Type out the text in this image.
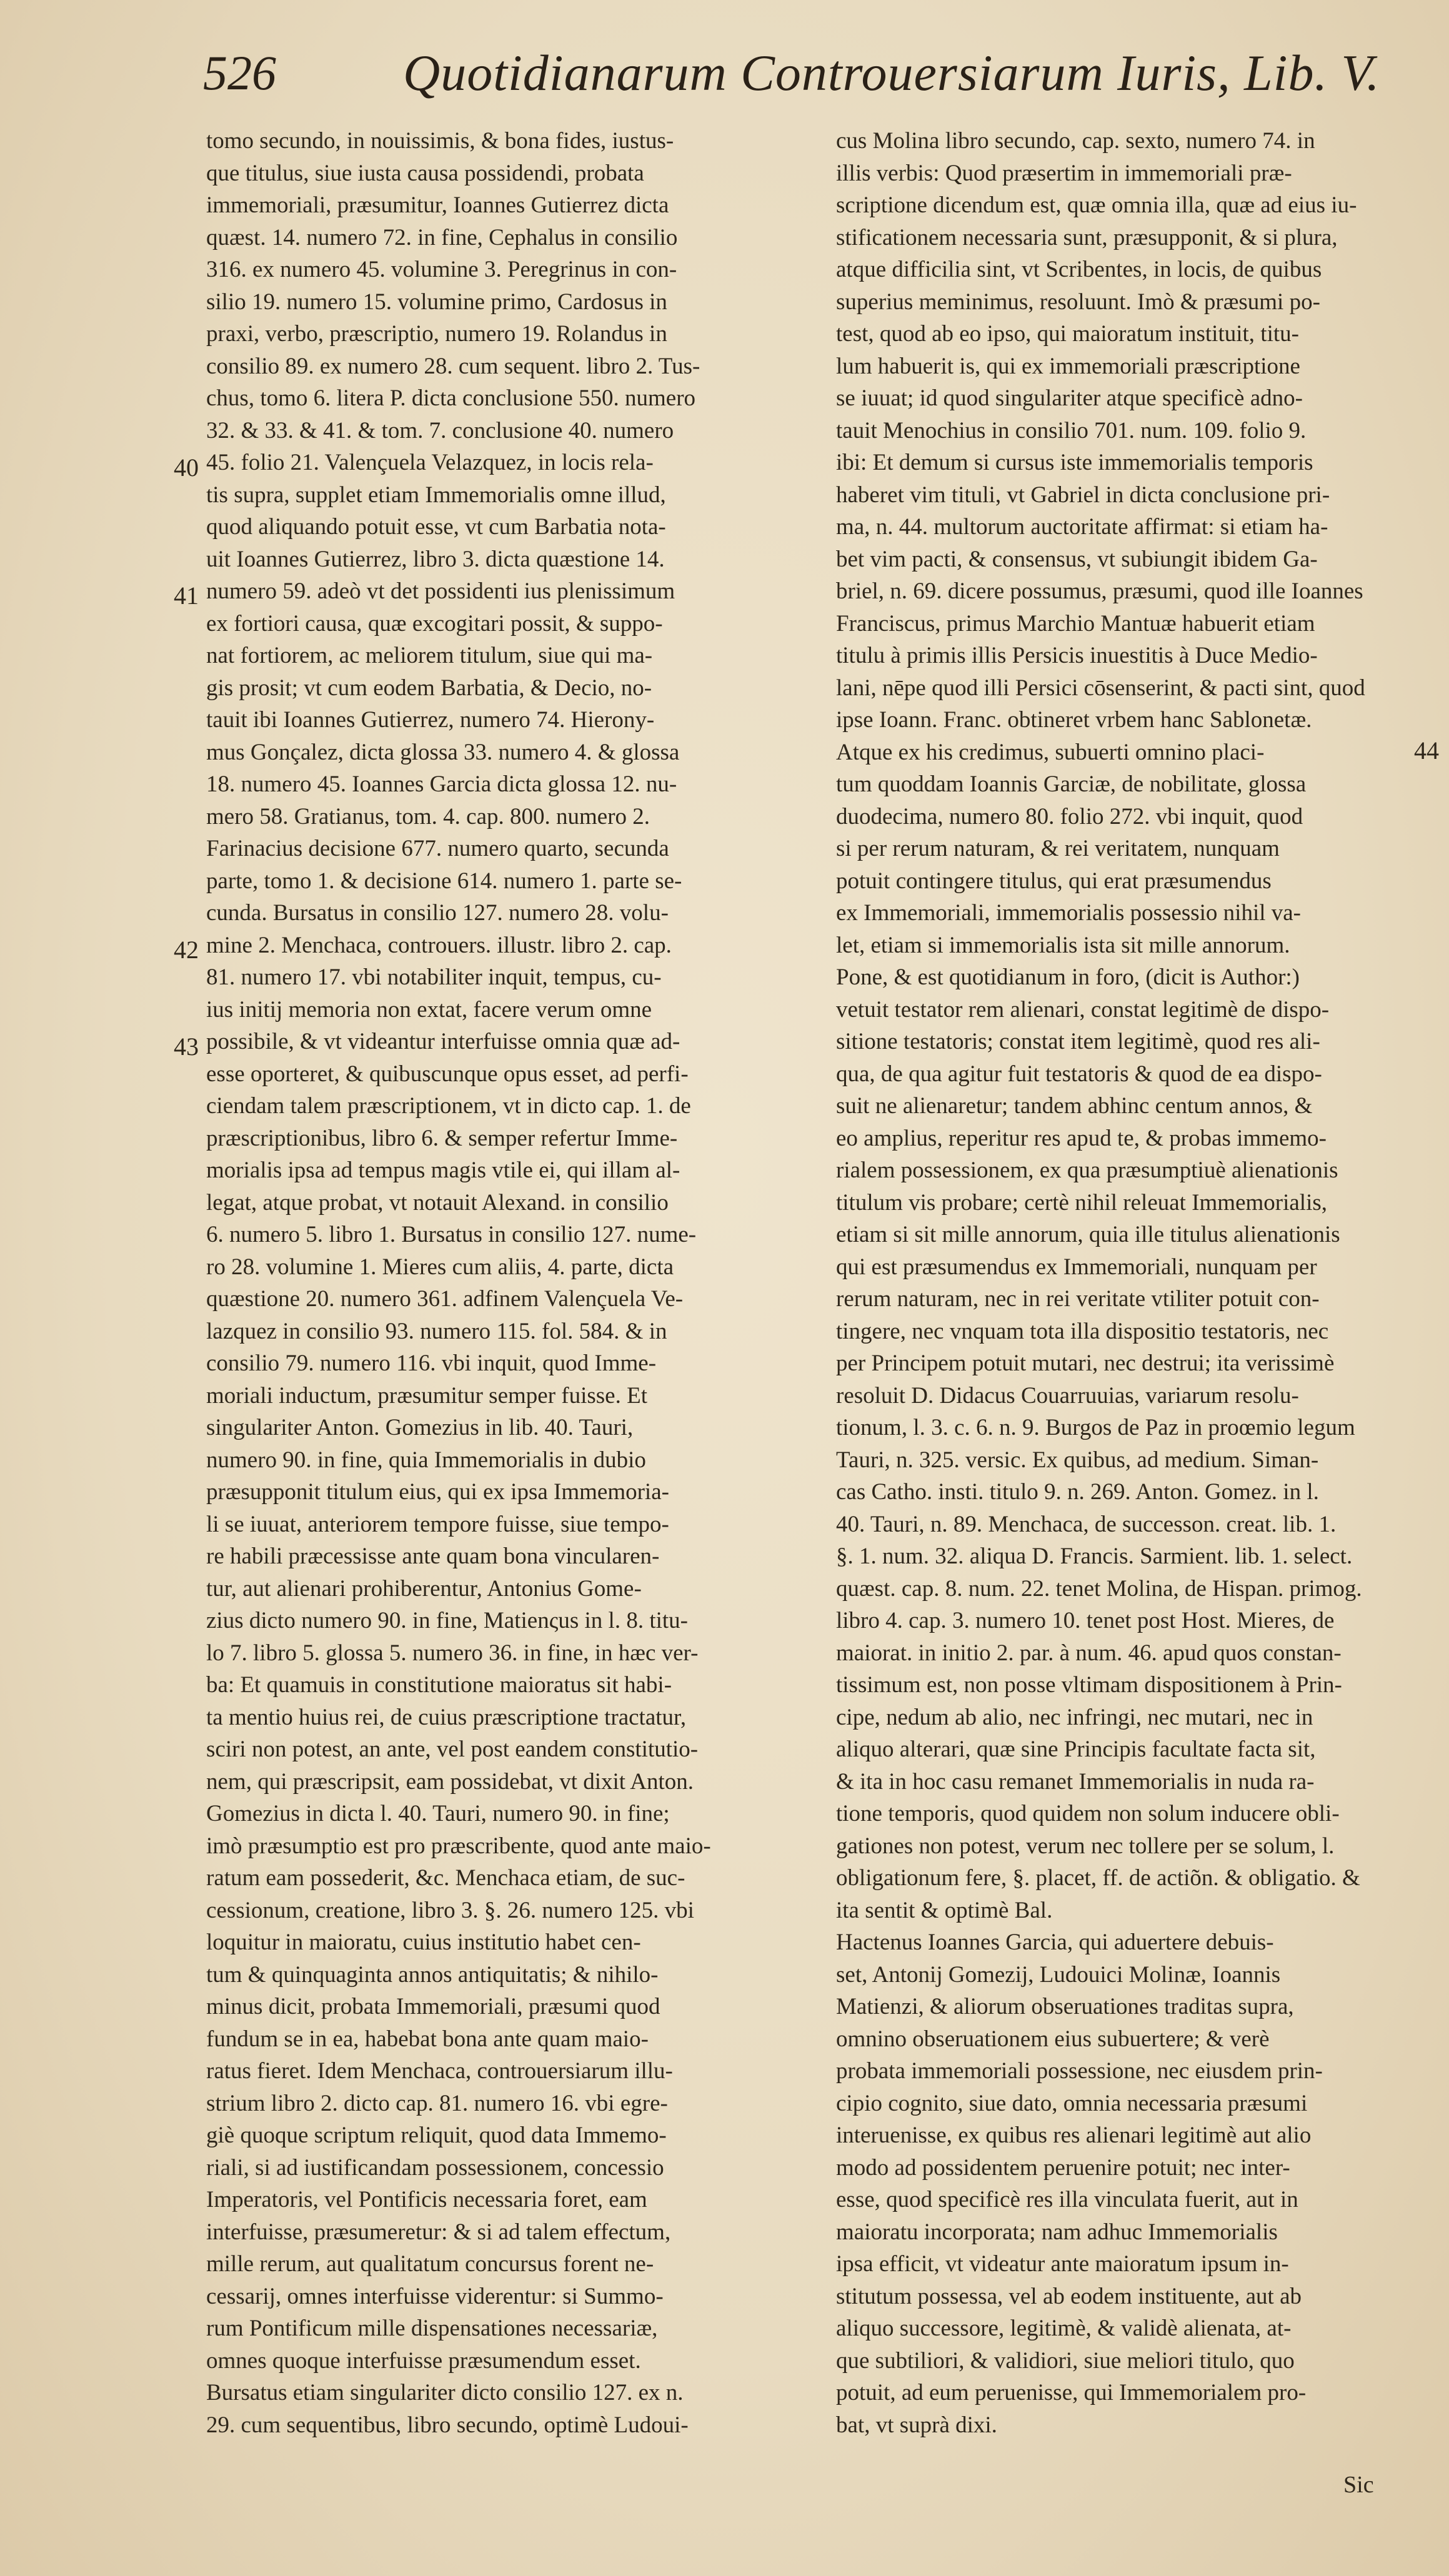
526 Quotidianarum Controuersiarum Iuris, Lib. V.
tomo secundo, in nouissimis, & bona fides, iustus-
que titulus, siue iusta causa possidendi, probata
immemoriali, præsumitur, Ioannes Gutierrez dicta
quæst. 14. numero 72. in fine, Cephalus in consilio
316. ex numero 45. volumine 3. Peregrinus in con-
silio 19. numero 15. volumine primo, Cardosus in
praxi, verbo, præscriptio, numero 19. Rolandus in
consilio 89. ex numero 28. cum sequent. libro 2. Tus-
chus, tomo 6. litera P. dicta conclusione 550. numero
32. & 33. & 41. & tom. 7. conclusione 40. numero
45. folio 21. Valençuela Velazquez, in locis rela-
tis supra, supplet etiam Immemorialis omne illud,
quod aliquando potuit esse, vt cum Barbatia nota-
uit Ioannes Gutierrez, libro 3. dicta quæstione 14.
numero 59. adeò vt det possidenti ius plenissimum
ex fortiori causa, quæ excogitari possit, & suppo-
nat fortiorem, ac meliorem titulum, siue qui ma-
gis prosit; vt cum eodem Barbatia, & Decio, no-
tauit ibi Ioannes Gutierrez, numero 74. Hierony-
mus Gonçalez, dicta glossa 33. numero 4. & glossa
18. numero 45. Ioannes Garcia dicta glossa 12. nu-
mero 58. Gratianus, tom. 4. cap. 800. numero 2.
Farinacius decisione 677. numero quarto, secunda
parte, tomo 1. & decisione 614. numero 1. parte se-
cunda. Bursatus in consilio 127. numero 28. volu-
mine 2. Menchaca, controuers. illustr. libro 2. cap.
81. numero 17. vbi notabiliter inquit, tempus, cu-
ius initij memoria non extat, facere verum omne
possibile, & vt videantur interfuisse omnia quæ ad-
esse oporteret, & quibuscunque opus esset, ad perfi-
ciendam talem præscriptionem, vt in dicto cap. 1. de
præscriptionibus, libro 6. & semper refertur Imme-
morialis ipsa ad tempus magis vtile ei, qui illam al-
legat, atque probat, vt notauit Alexand. in consilio
6. numero 5. libro 1. Bursatus in consilio 127. nume-
ro 28. volumine 1. Mieres cum aliis, 4. parte, dicta
quæstione 20. numero 361. adfinem Valençuela Ve-
lazquez in consilio 93. numero 115. fol. 584. & in
consilio 79. numero 116. vbi inquit, quod Imme-
moriali inductum, præsumitur semper fuisse. Et
singulariter Anton. Gomezius in lib. 40. Tauri,
numero 90. in fine, quia Immemorialis in dubio
præsupponit titulum eius, qui ex ipsa Immemoria-
li se iuuat, anteriorem tempore fuisse, siue tempo-
re habili præcessisse ante quam bona vincularen-
tur, aut alienari prohiberentur, Antonius Gome-
zius dicto numero 90. in fine, Matienςus in l. 8. titu-
lo 7. libro 5. glossa 5. numero 36. in fine, in hæc ver-
ba: Et quamuis in constitutione maioratus sit habi-
ta mentio huius rei, de cuius præscriptione tractatur,
sciri non potest, an ante, vel post eandem constitutio-
nem, qui præscripsit, eam possidebat, vt dixit Anton.
Gomezius in dicta l. 40. Tauri, numero 90. in fine;
imò præsumptio est pro præscribente, quod ante maio-
ratum eam possederit, &c. Menchaca etiam, de suc-
cessionum, creatione, libro 3. §. 26. numero 125. vbi
loquitur in maioratu, cuius institutio habet cen-
tum & quinquaginta annos antiquitatis; & nihilo-
minus dicit, probata Immemoriali, præsumi quod
fundum se in ea, habebat bona ante quam maio-
ratus fieret. Idem Menchaca, controuersiarum illu-
strium libro 2. dicto cap. 81. numero 16. vbi egre-
giè quoque scriptum reliquit, quod data Immemo-
riali, si ad iustificandam possessionem, concessio
Imperatoris, vel Pontificis necessaria foret, eam
interfuisse, præsumeretur: & si ad talem effectum,
mille rerum, aut qualitatum concursus forent ne-
cessarij, omnes interfuisse viderentur: si Summo-
rum Pontificum mille dispensationes necessariæ,
omnes quoque interfuisse præsumendum esset.
Bursatus etiam singulariter dicto consilio 127. ex n.
29. cum sequentibus, libro secundo, optimè Ludoui-
cus Molina libro secundo, cap. sexto, numero 74. in
illis verbis: Quod præsertim in immemoriali præ-
scriptione dicendum est, quæ omnia illa, quæ ad eius iu-
stificationem necessaria sunt, præsupponit, & si plura,
atque difficilia sint, vt Scribentes, in locis, de quibus
superius meminimus, resoluunt. Imò & præsumi po-
test, quod ab eo ipso, qui maioratum instituit, titu-
lum habuerit is, qui ex immemoriali præscriptione
se iuuat; id quod singulariter atque specificè adno-
tauit Menochius in consilio 701. num. 109. folio 9.
ibi: Et demum si cursus iste immemorialis temporis
haberet vim tituli, vt Gabriel in dicta conclusione pri-
ma, n. 44. multorum auctoritate affirmat: si etiam ha-
bet vim pacti, & consensus, vt subiungit ibidem Ga-
briel, n. 69. dicere possumus, præsumi, quod ille Ioannes
Franciscus, primus Marchio Mantuæ habuerit etiam
titulu à primis illis Persicis inuestitis à Duce Medio-
lani, nēpe quod illi Persici cōsenserint, & pacti sint, quod
ipse Ioann. Franc. obtineret vrbem hanc Sablonetæ.
Atque ex his credimus, subuerti omnino placi-
tum quoddam Ioannis Garciæ, de nobilitate, glossa
duodecima, numero 80. folio 272. vbi inquit, quod
si per rerum naturam, & rei veritatem, nunquam
potuit contingere titulus, qui erat præsumendus
ex Immemoriali, immemorialis possessio nihil va-
let, etiam si immemorialis ista sit mille annorum.
Pone, & est quotidianum in foro, (dicit is Author:)
vetuit testator rem alienari, constat legitimè de dispo-
sitione testatoris; constat item legitimè, quod res ali-
qua, de qua agitur fuit testatoris & quod de ea dispo-
suit ne alienaretur; tandem abhinc centum annos, &
eo amplius, reperitur res apud te, & probas immemo-
rialem possessionem, ex qua præsumptiuè alienationis
titulum vis probare; certè nihil releuat Immemorialis,
etiam si sit mille annorum, quia ille titulus alienationis
qui est præsumendus ex Immemoriali, nunquam per
rerum naturam, nec in rei veritate vtiliter potuit con-
tingere, nec vnquam tota illa dispositio testatoris, nec
per Principem potuit mutari, nec destrui; ita verissimè
resoluit D. Didacus Couarruuias, variarum resolu-
tionum, l. 3. c. 6. n. 9. Burgos de Paz in proœmio legum
Tauri, n. 325. versic. Ex quibus, ad medium. Siman-
cas Catho. insti. titulo 9. n. 269. Anton. Gomez. in l.
40. Tauri, n. 89. Menchaca, de successon. creat. lib. 1.
§. 1. num. 32. aliqua D. Francis. Sarmient. lib. 1. select.
quæst. cap. 8. num. 22. tenet Molina, de Hispan. primog.
libro 4. cap. 3. numero 10. tenet post Host. Mieres, de
maiorat. in initio 2. par. à num. 46. apud quos constan-
tissimum est, non posse vltimam dispositionem à Prin-
cipe, nedum ab alio, nec infringi, nec mutari, nec in
aliquo alterari, quæ sine Principis facultate facta sit,
& ita in hoc casu remanet Immemorialis in nuda ra-
tione temporis, quod quidem non solum inducere obli-
gationes non potest, verum nec tollere per se solum, l.
obligationum fere, §. placet, ff. de actiõn. & obligatio. &
ita sentit & optimè Bal.
Hactenus Ioannes Garcia, qui aduertere debuis-
set, Antonij Gomezij, Ludouici Molinæ, Ioannis
Matienzi, & aliorum obseruationes traditas supra,
omnino obseruationem eius subuertere; & verè
probata immemoriali possessione, nec eiusdem prin-
cipio cognito, siue dato, omnia necessaria præsumi
interuenisse, ex quibus res alienari legitimè aut alio
modo ad possidentem peruenire potuit; nec inter-
esse, quod specificè res illa vinculata fuerit, aut in
maioratu incorporata; nam adhuc Immemorialis
ipsa efficit, vt videatur ante maioratum ipsum in-
stitutum possessa, vel ab eodem instituente, aut ab
aliquo successore, legitimè, & validè alienata, at-
que subtiliori, & validiori, siue meliori titulo, quo
potuit, ad eum peruenisse, qui Immemorialem pro-
bat, vt suprà dixi.
40
41
42
43
44
Sic
